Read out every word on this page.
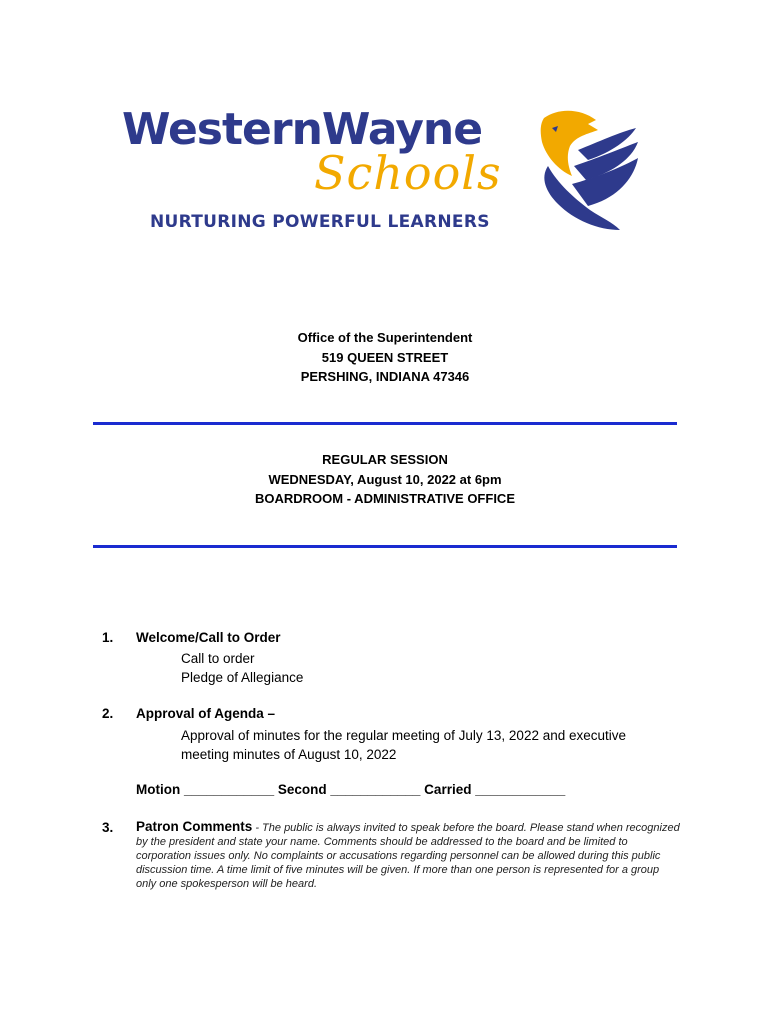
WesternWayne
Schools
NURTURING POWERFUL LEARNERS
Office of the Superintendent
519 QUEEN STREET
PERSHING, INDIANA 47346
REGULAR SESSION
WEDNESDAY, August 10, 2022 at 6pm
BOARDROOM - ADMINISTRATIVE OFFICE
1. Welcome/Call to Order
Call to order
Pledge of Allegiance
2. Approval of Agenda –
Approval of minutes for the regular meeting of July 13, 2022 and executive
meeting minutes of August 10, 2022
Motion ____________ Second ____________ Carried ____________
3. Patron Comments - The public is always invited to speak before the board. Please stand when recognized by the president and state your name. Comments should be addressed to the board and be limited to corporation issues only. No complaints or accusations regarding personnel can be allowed during this public discussion time. A time limit of five minutes will be given. If more than one person is represented for a group only one spokesperson will be heard.
